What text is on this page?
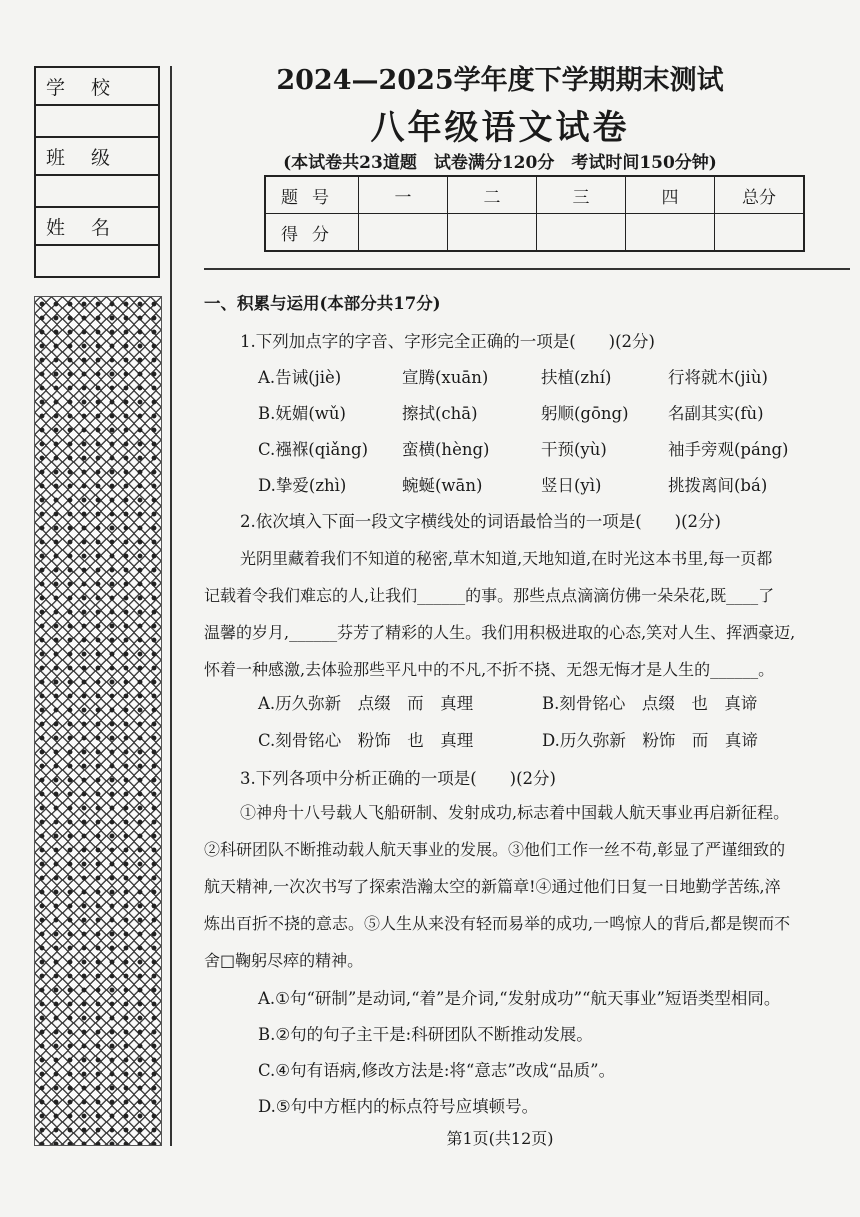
学校

班级

姓名

2024—2025学年度下学期期末测试
八年级语文试卷
(本试卷共23道题　试卷满分120分　考试时间150分钟)
题号	一	二	三	四	总分
得分					
一、积累与运用(本部分共17分)
1.下列加点字的字音、字形完全正确的一项是(　　)(2分)
A.告诫(jiè)	宣腾(xuān)	扶植(zhí)	行将就木(jiù)
B.妩媚(wǔ)	擦拭(chā)	躬顺(gōng) 名副其实(fù)
C.襁褓(qiǎng) 蛮横(hèng)	干预(yù)	袖手旁观(páng)
D.挚爱(zhì)	蜿蜒(wān)	竖日(yì)	挑拨离间(bá)
2.依次填入下面一段文字横线处的词语最恰当的一项是(　　)(2分)
光阴里藏着我们不知道的秘密,草木知道,天地知道,在时光这本书里,每一页都
记载着令我们难忘的人,让我们______的事。那些点点滴滴仿佛一朵朵花,既____了
温馨的岁月,______芬芳了精彩的人生。我们用积极进取的心态,笑对人生、挥洒豪迈,
怀着一种感激,去体验那些平凡中的不凡,不折不挠、无怨无悔才是人生的______。
A.历久弥新　点缀　而　真理	B.刻骨铭心　点缀　也　真谛
C.刻骨铭心　粉饰　也　真理	D.历久弥新　粉饰　而　真谛
3.下列各项中分析正确的一项是(　　)(2分)
①神舟十八号载人飞船研制、发射成功,标志着中国载人航天事业再启新征程。
②科研团队不断推动载人航天事业的发展。③他们工作一丝不苟,彰显了严谨细致的
航天精神,一次次书写了探索浩瀚太空的新篇章!④通过他们日复一日地勤学苦练,淬
炼出百折不挠的意志。⑤人生从来没有轻而易举的成功,一鸣惊人的背后,都是锲而不
舍□鞠躬尽瘁的精神。
A.①句“研制”是动词,“着”是介词,“发射成功”“航天事业”短语类型相同。
B.②句的句子主干是:科研团队不断推动发展。
C.④句有语病,修改方法是:将“意志”改成“品质”。
D.⑤句中方框内的标点符号应填顿号。
第1页(共12页)
